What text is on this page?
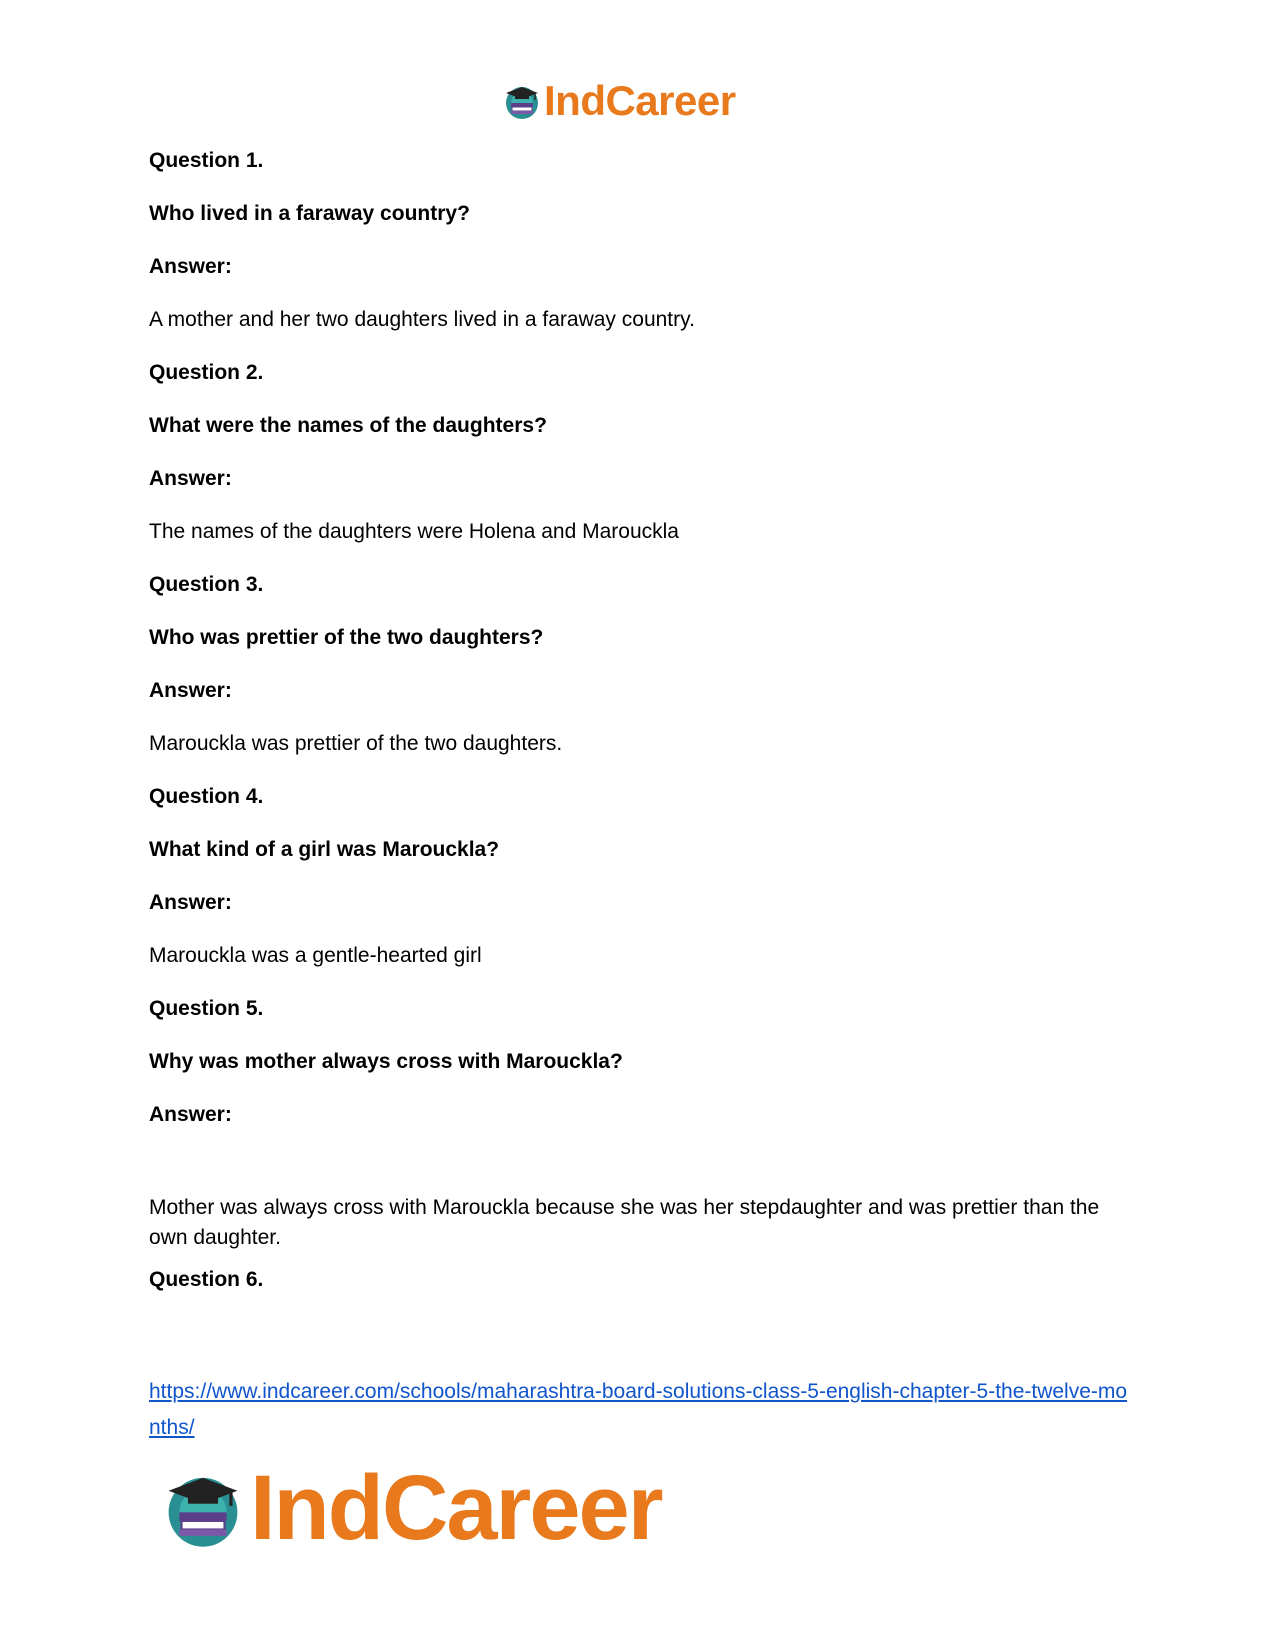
IndCareer
Question 1.
Who lived in a faraway country?
Answer:
A mother and her two daughters lived in a faraway country.
Question 2.
What were the names of the daughters?
Answer:
The names of the daughters were Holena and Marouckla
Question 3.
Who was prettier of the two daughters?
Answer:
Marouckla was prettier of the two daughters.
Question 4.
What kind of a girl was Marouckla?
Answer:
Marouckla was a gentle-hearted girl
Question 5.
Why was mother always cross with Marouckla?
Answer:
Mother was always cross with Marouckla because she was her stepdaughter and was prettier than the own daughter.
Question 6.
https://www.indcareer.com/schools/maharashtra-board-solutions-class-5-english-chapter-5-the-twelve-months/
IndCareer
